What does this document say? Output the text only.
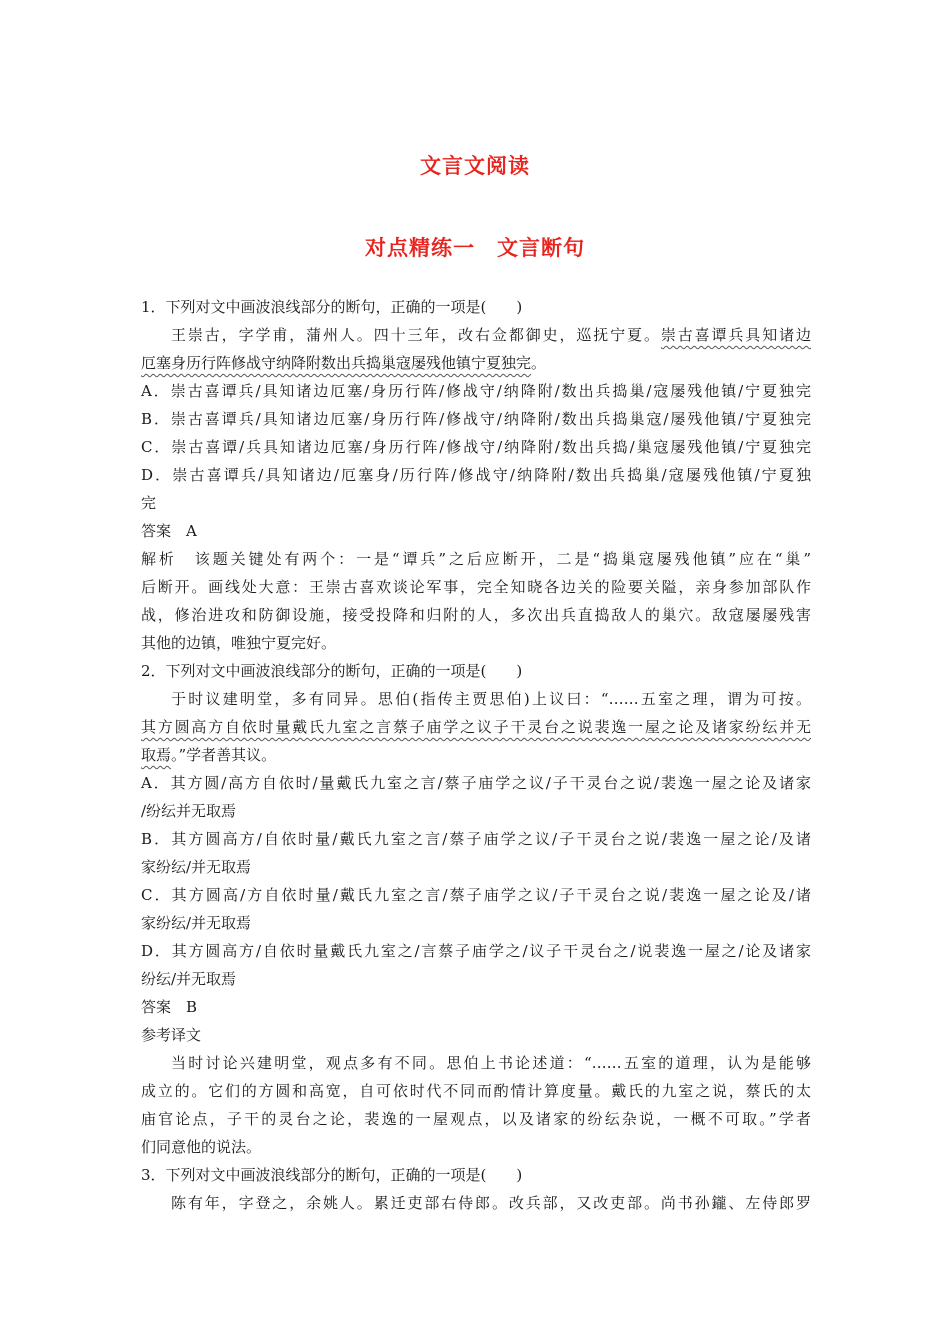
文言文阅读
对点精练一　文言断句
1．下列对文中画波浪线部分的断句，正确的一项是(　　)
王崇古，字学甫，蒲州人。四十三年，改右佥都御史，巡抚宁夏。崇古喜谭兵具知诸边
厄塞身历行阵修战守纳降附数出兵捣巢寇屡残他镇宁夏独完。
A．崇古喜谭兵/具知诸边厄塞/身历行阵/修战守/纳降附/数出兵捣巢/寇屡残他镇/宁夏独完
B．崇古喜谭兵/具知诸边厄塞/身历行阵/修战守/纳降附/数出兵捣巢寇/屡残他镇/宁夏独完
C．崇古喜谭/兵具知诸边厄塞/身历行阵/修战守/纳降附/数出兵捣/巢寇屡残他镇/宁夏独完
D．崇古喜谭兵/具知诸边/厄塞身/历行阵/修战守/纳降附/数出兵捣巢/寇屡残他镇/宁夏独
完
答案　A
解析　该题关键处有两个：一是“谭兵”之后应断开，二是“捣巢寇屡残他镇”应在“巢”
后断开。画线处大意：王崇古喜欢谈论军事，完全知晓各边关的险要关隘，亲身参加部队作
战，修治进攻和防御设施，接受投降和归附的人，多次出兵直捣敌人的巢穴。敌寇屡屡残害
其他的边镇，唯独宁夏完好。
2．下列对文中画波浪线部分的断句，正确的一项是(　　)
于时议建明堂，多有同异。思伯(指传主贾思伯)上议曰：“……五室之理，谓为可按。
其方圆高方自依时量戴氏九室之言蔡子庙学之议子干灵台之说裴逸一屋之论及诸家纷纭并无
取焉。”学者善其议。
A．其方圆/高方自依时/量戴氏九室之言/蔡子庙学之议/子干灵台之说/裴逸一屋之论及诸家
/纷纭并无取焉
B．其方圆高方/自依时量/戴氏九室之言/蔡子庙学之议/子干灵台之说/裴逸一屋之论/及诸
家纷纭/并无取焉
C．其方圆高/方自依时量/戴氏九室之言/蔡子庙学之议/子干灵台之说/裴逸一屋之论及/诸
家纷纭/并无取焉
D．其方圆高方/自依时量戴氏九室之/言蔡子庙学之/议子干灵台之/说裴逸一屋之/论及诸家
纷纭/并无取焉
答案　B
参考译文
当时讨论兴建明堂，观点多有不同。思伯上书论述道：“……五室的道理，认为是能够
成立的。它们的方圆和高宽，自可依时代不同而酌情计算度量。戴氏的九室之说，蔡氏的太
庙官论点，子干的灵台之论，裴逸的一屋观点，以及诸家的纷纭杂说，一概不可取。”学者
们同意他的说法。
3．下列对文中画波浪线部分的断句，正确的一项是(　　)
陈有年，字登之，余姚人。累迁吏部右侍郎。改兵部，又改吏部。尚书孙鑨、左侍郎罗
